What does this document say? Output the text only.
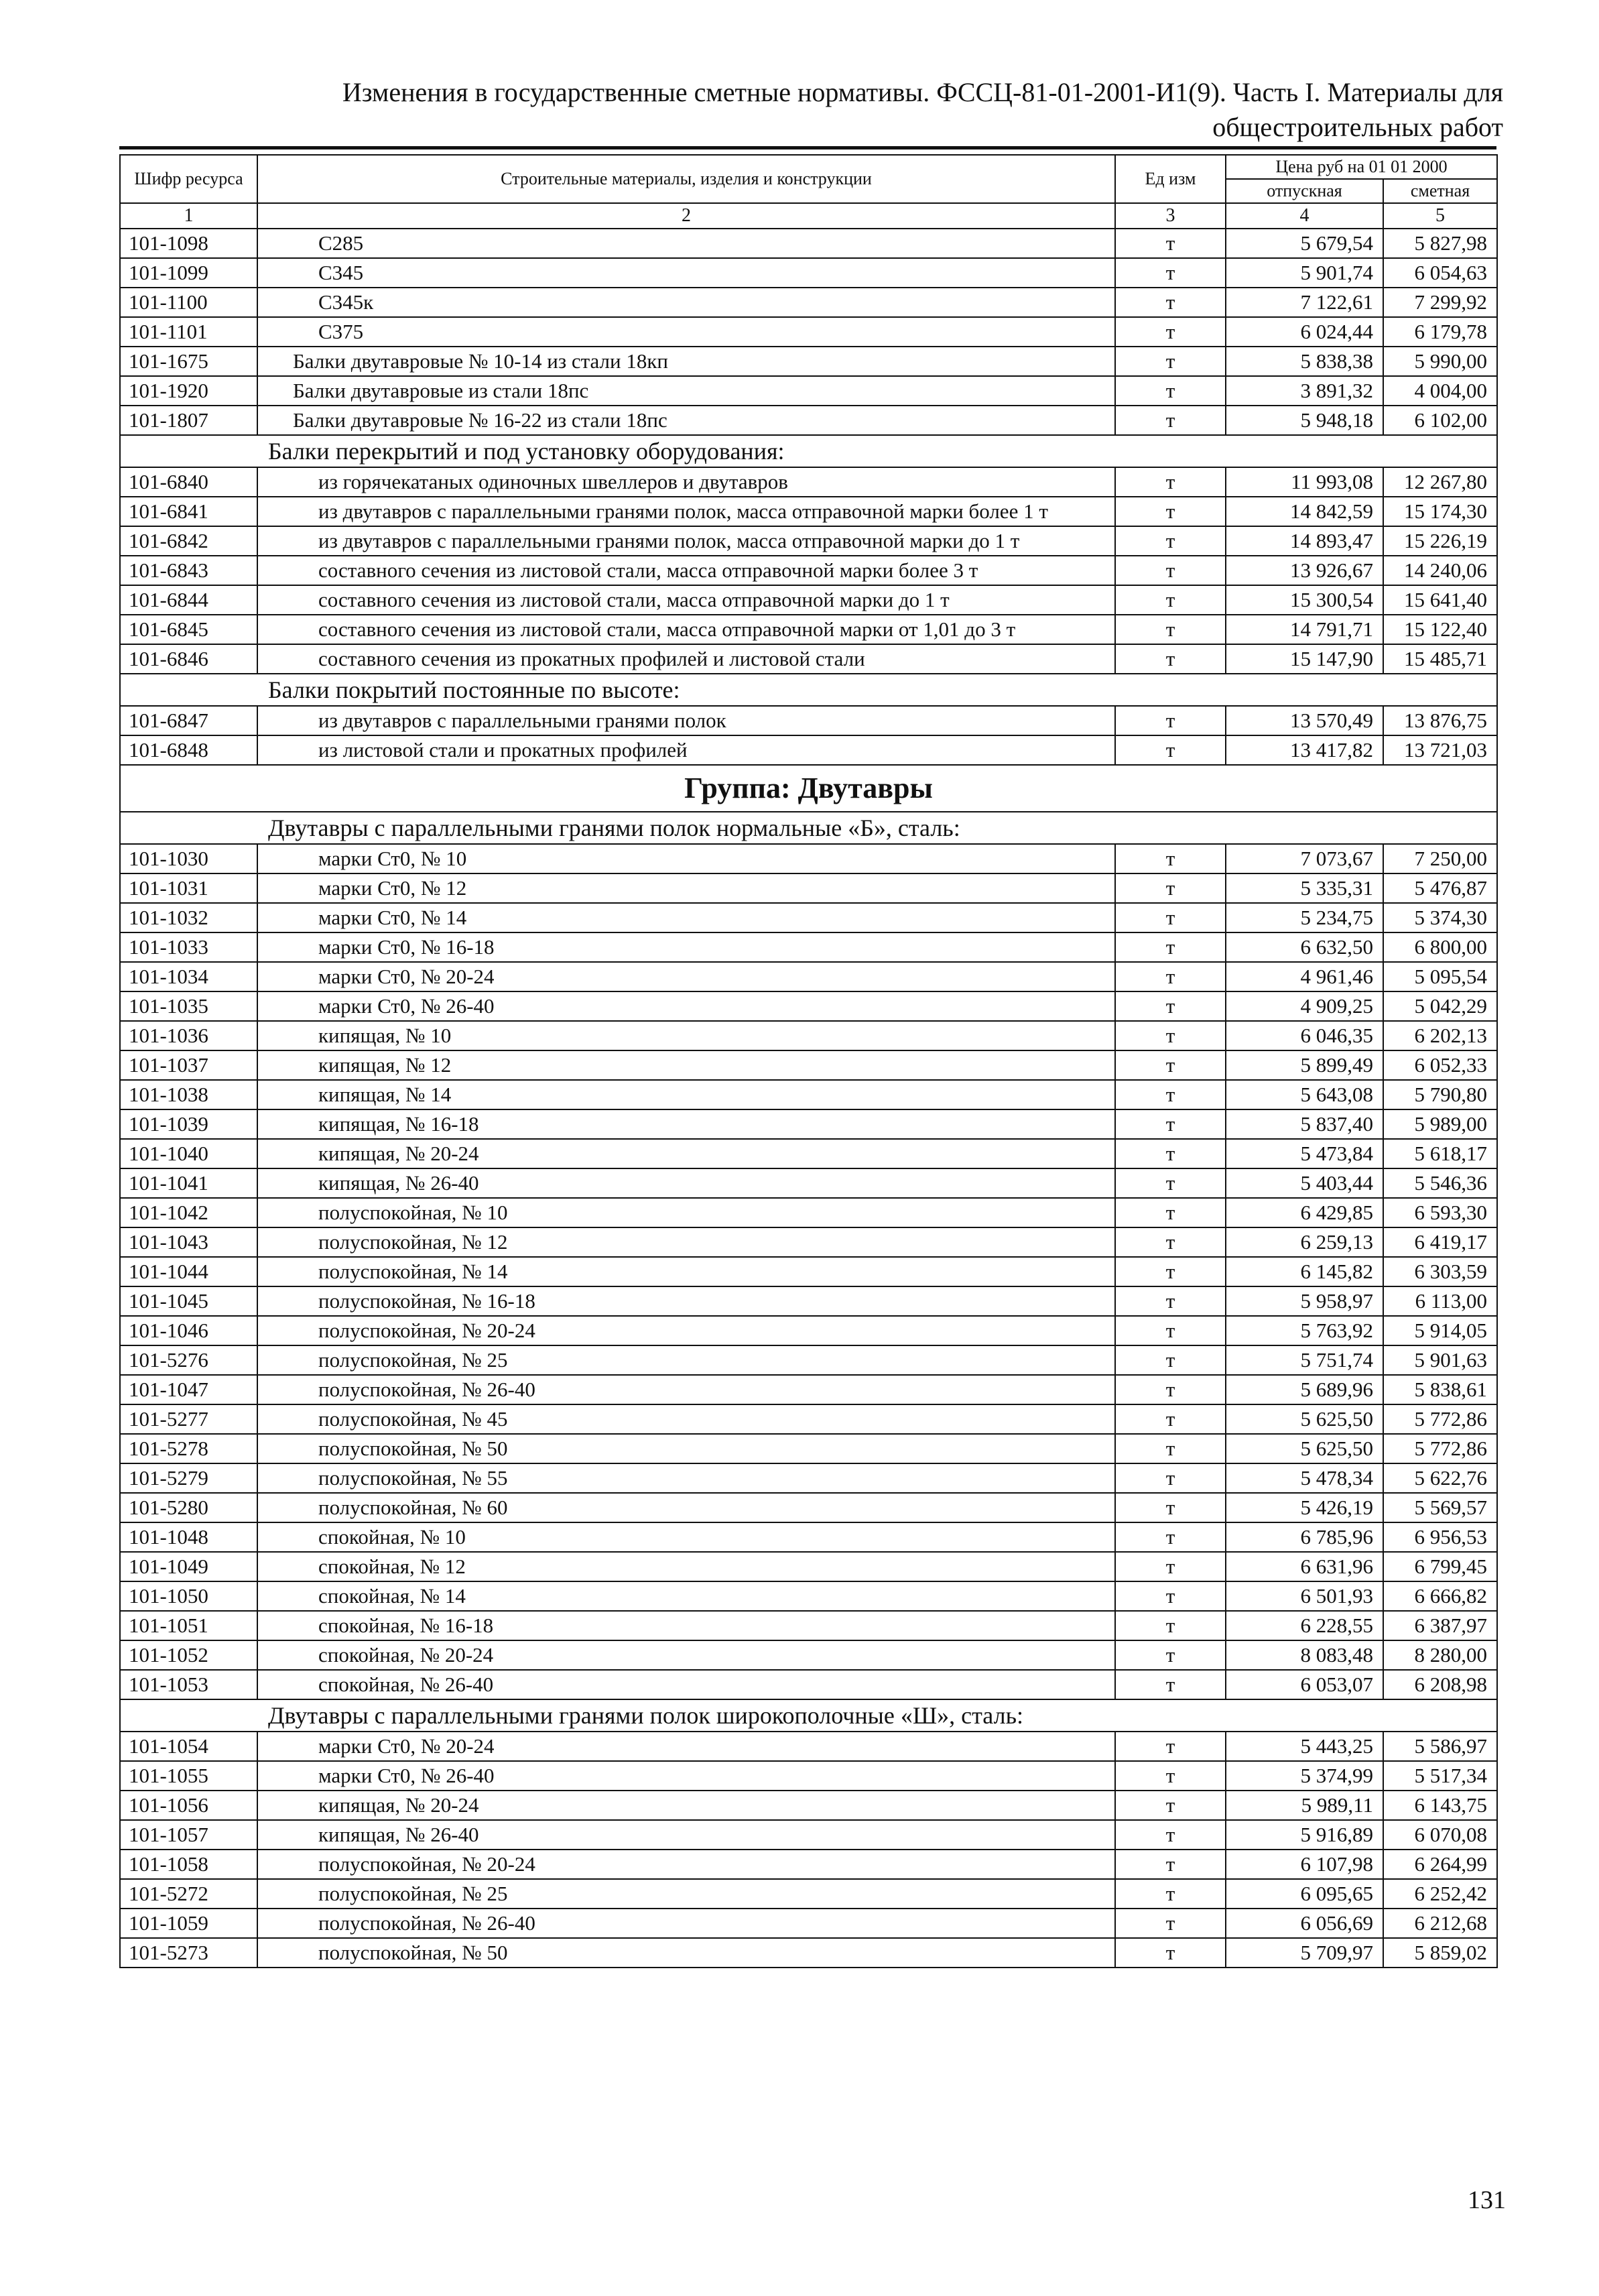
Изменения в государственные сметные нормативы. ФССЦ-81-01-2001-И1(9). Часть I. Материалы для
общестроительных работ
Шифр ресурса	Строительные материалы, изделия и конструкции	Ед изм	Цена руб на 01 01 2000	
			отпускная	сметная
1	2	3	4	5
101-1098	С285	т	5 679,54	5 827,98
101-1099	С345	т	5 901,74	6 054,63
101-1100	С345к	т	7 122,61	7 299,92
101-1101	С375	т	6 024,44	6 179,78
101-1675	Балки двутавровые № 10-14 из стали 18кп	т	5 838,38	5 990,00
101-1920	Балки двутавровые из стали 18пс	т	3 891,32	4 004,00
101-1807	Балки двутавровые № 16-22 из стали 18пс	т	5 948,18	6 102,00
Балки перекрытий и под установку оборудования:				
101-6840	из горячекатаных одиночных швеллеров и двутавров	т	11 993,08	12 267,80
101-6841	из двутавров с параллельными гранями полок, масса отправочной марки более 1 т	т	14 842,59	15 174,30
101-6842	из двутавров с параллельными гранями полок, масса отправочной марки до 1 т	т	14 893,47	15 226,19
101-6843	составного сечения из листовой стали, масса отправочной марки более 3 т	т	13 926,67	14 240,06
101-6844	составного сечения из листовой стали, масса отправочной марки до 1 т	т	15 300,54	15 641,40
101-6845	составного сечения из листовой стали, масса отправочной марки от 1,01 до 3 т	т	14 791,71	15 122,40
101-6846	составного сечения из прокатных профилей и листовой стали	т	15 147,90	15 485,71
Балки покрытий постоянные по высоте:				
101-6847	из двутавров с параллельными гранями полок	т	13 570,49	13 876,75
101-6848	из листовой стали и прокатных профилей	т	13 417,82	13 721,03
Группа: Двутавры				
Двутавры с параллельными гранями полок нормальные «Б», сталь:				
101-1030	марки Ст0, № 10	т	7 073,67	7 250,00
101-1031	марки Ст0, № 12	т	5 335,31	5 476,87
101-1032	марки Ст0, № 14	т	5 234,75	5 374,30
101-1033	марки Ст0, № 16-18	т	6 632,50	6 800,00
101-1034	марки Ст0, № 20-24	т	4 961,46	5 095,54
101-1035	марки Ст0, № 26-40	т	4 909,25	5 042,29
101-1036	кипящая, № 10	т	6 046,35	6 202,13
101-1037	кипящая, № 12	т	5 899,49	6 052,33
101-1038	кипящая, № 14	т	5 643,08	5 790,80
101-1039	кипящая, № 16-18	т	5 837,40	5 989,00
101-1040	кипящая, № 20-24	т	5 473,84	5 618,17
101-1041	кипящая, № 26-40	т	5 403,44	5 546,36
101-1042	полуспокойная, № 10	т	6 429,85	6 593,30
101-1043	полуспокойная, № 12	т	6 259,13	6 419,17
101-1044	полуспокойная, № 14	т	6 145,82	6 303,59
101-1045	полуспокойная, № 16-18	т	5 958,97	6 113,00
101-1046	полуспокойная, № 20-24	т	5 763,92	5 914,05
101-5276	полуспокойная, № 25	т	5 751,74	5 901,63
101-1047	полуспокойная, № 26-40	т	5 689,96	5 838,61
101-5277	полуспокойная, № 45	т	5 625,50	5 772,86
101-5278	полуспокойная, № 50	т	5 625,50	5 772,86
101-5279	полуспокойная, № 55	т	5 478,34	5 622,76
101-5280	полуспокойная, № 60	т	5 426,19	5 569,57
101-1048	спокойная, № 10	т	6 785,96	6 956,53
101-1049	спокойная, № 12	т	6 631,96	6 799,45
101-1050	спокойная, № 14	т	6 501,93	6 666,82
101-1051	спокойная, № 16-18	т	6 228,55	6 387,97
101-1052	спокойная, № 20-24	т	8 083,48	8 280,00
101-1053	спокойная, № 26-40	т	6 053,07	6 208,98
Двутавры с параллельными гранями полок широкополочные «Ш», сталь:				
101-1054	марки Ст0, № 20-24	т	5 443,25	5 586,97
101-1055	марки Ст0, № 26-40	т	5 374,99	5 517,34
101-1056	кипящая, № 20-24	т	5 989,11	6 143,75
101-1057	кипящая, № 26-40	т	5 916,89	6 070,08
101-1058	полуспокойная, № 20-24	т	6 107,98	6 264,99
101-5272	полуспокойная, № 25	т	6 095,65	6 252,42
101-1059	полуспокойная, № 26-40	т	6 056,69	6 212,68
101-5273	полуспокойная, № 50	т	5 709,97	5 859,02
131
